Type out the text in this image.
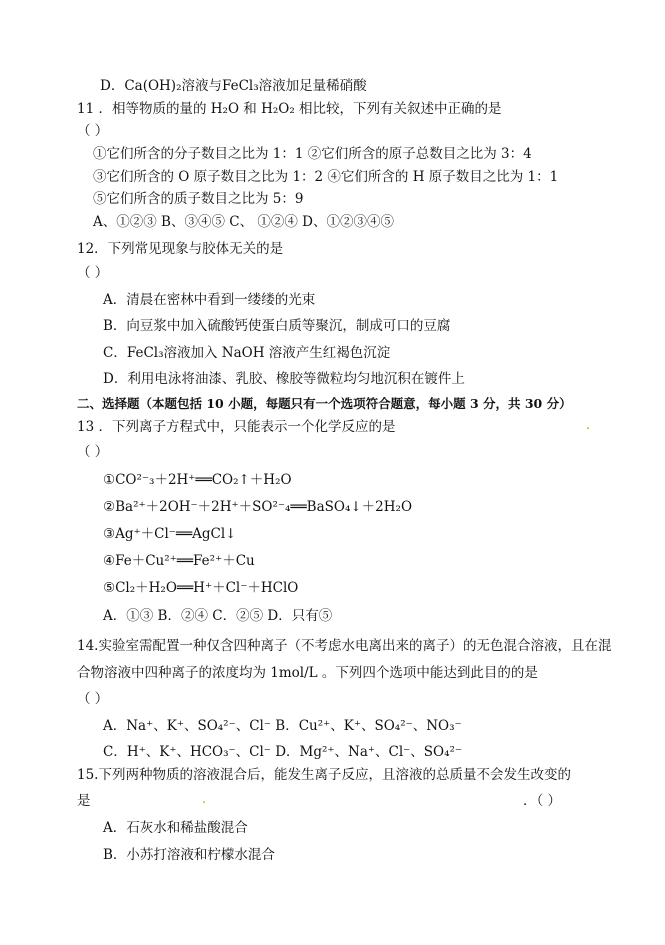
D．Ca(OH)₂溶液与FeCl₃溶液加足量稀硝酸
11 ．相等物质的量的 H₂O 和 H₂O₂ 相比较，下列有关叙述中正确的是
（ ）
①它们所含的分子数目之比为 1：1 ②它们所含的原子总数目之比为 3：4
③它们所含的 O 原子数目之比为 1：2 ④它们所含的 H 原子数目之比为 1：1
⑤它们所含的质子数目之比为 5：9
A、①②③ B、③④⑤ C、 ①②④ D、①②③④⑤
12．下列常见现象与胶体无关的是
（ ）
A．清晨在密林中看到一缕缕的光束
B．向豆浆中加入硫酸钙使蛋白质等聚沉，制成可口的豆腐
C．FeCl₃溶液加入 NaOH 溶液产生红褐色沉淀
D．利用电泳将油漆、乳胶、橡胶等微粒均匀地沉积在镀件上
二、选择题（本题包括 10 小题，每题只有一个选项符合题意，每小题 3 分，共 30 分）
13 ．下列离子方程式中，只能表示一个化学反应的是	.
（ ）
①CO²⁻₃＋2H⁺══CO₂↑＋H₂O
②Ba²⁺＋2OH⁻＋2H⁺＋SO²⁻₄══BaSO₄↓＋2H₂O
③Ag⁺＋Cl⁻══AgCl↓
④Fe＋Cu²⁺══Fe²⁺＋Cu
⑤Cl₂＋H₂O══H⁺＋Cl⁻＋HClO
A．①③ B．②④ C．②⑤ D．只有⑤
14.实验室需配置一种仅含四种离子（不考虑水电离出来的离子）的无色混合溶液，且在混
合物溶液中四种离子的浓度均为 1mol/L 。下列四个选项中能达到此目的的是
（ ）
A．Na⁺、K⁺、SO₄²⁻、Cl⁻ B．Cu²⁺、K⁺、SO₄²⁻、NO₃⁻
C．H⁺、K⁺、HCO₃⁻、Cl⁻ D．Mg²⁺、Na⁺、Cl⁻、SO₄²⁻
15.下列两种物质的溶液混合后，能发生离子反应，且溶液的总质量不会发生改变的
是	.	．（ ）
A．石灰水和稀盐酸混合
B．小苏打溶液和柠檬水混合
